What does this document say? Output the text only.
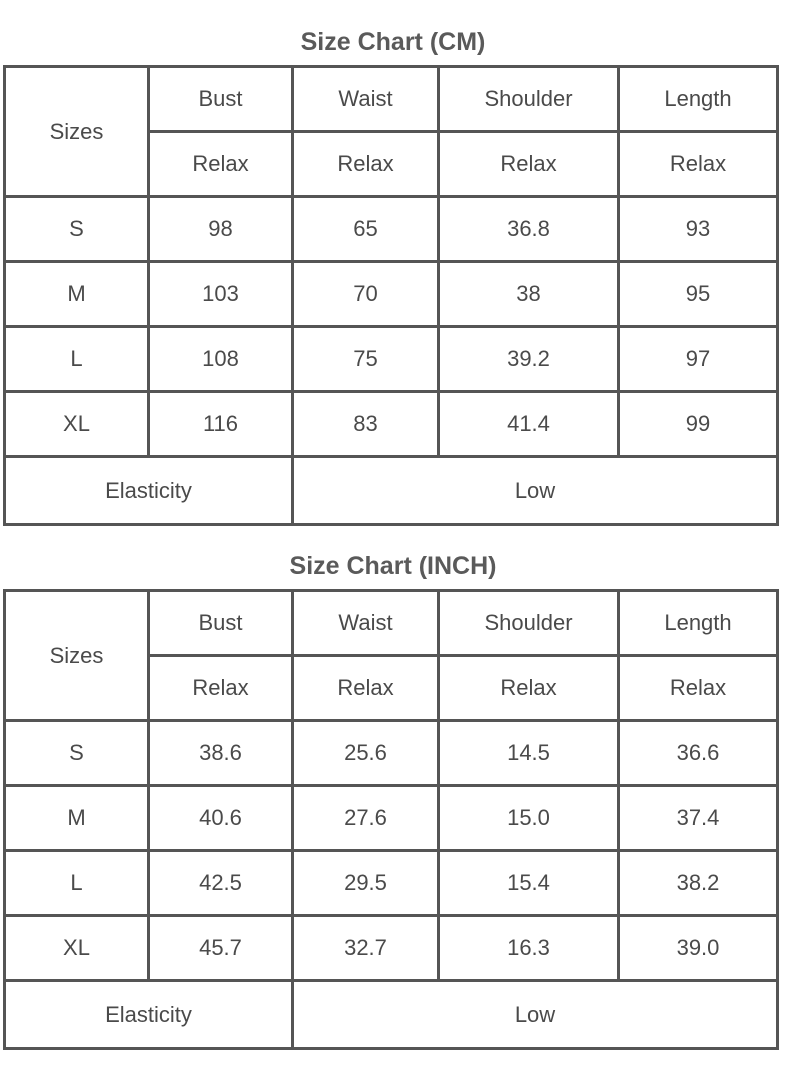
Size Chart (CM)
Sizes	Bust	Waist	Shoulder	Length
	Relax	Relax	Relax	Relax
S	98	65	36.8	93
M	103	70	38	95
L	108	75	39.2	97
XL	116	83	41.4	99
Elasticity		Low		
Size Chart (INCH)
Sizes	Bust	Waist	Shoulder	Length
	Relax	Relax	Relax	Relax
S	38.6	25.6	14.5	36.6
M	40.6	27.6	15.0	37.4
L	42.5	29.5	15.4	38.2
XL	45.7	32.7	16.3	39.0
Elasticity		Low		
